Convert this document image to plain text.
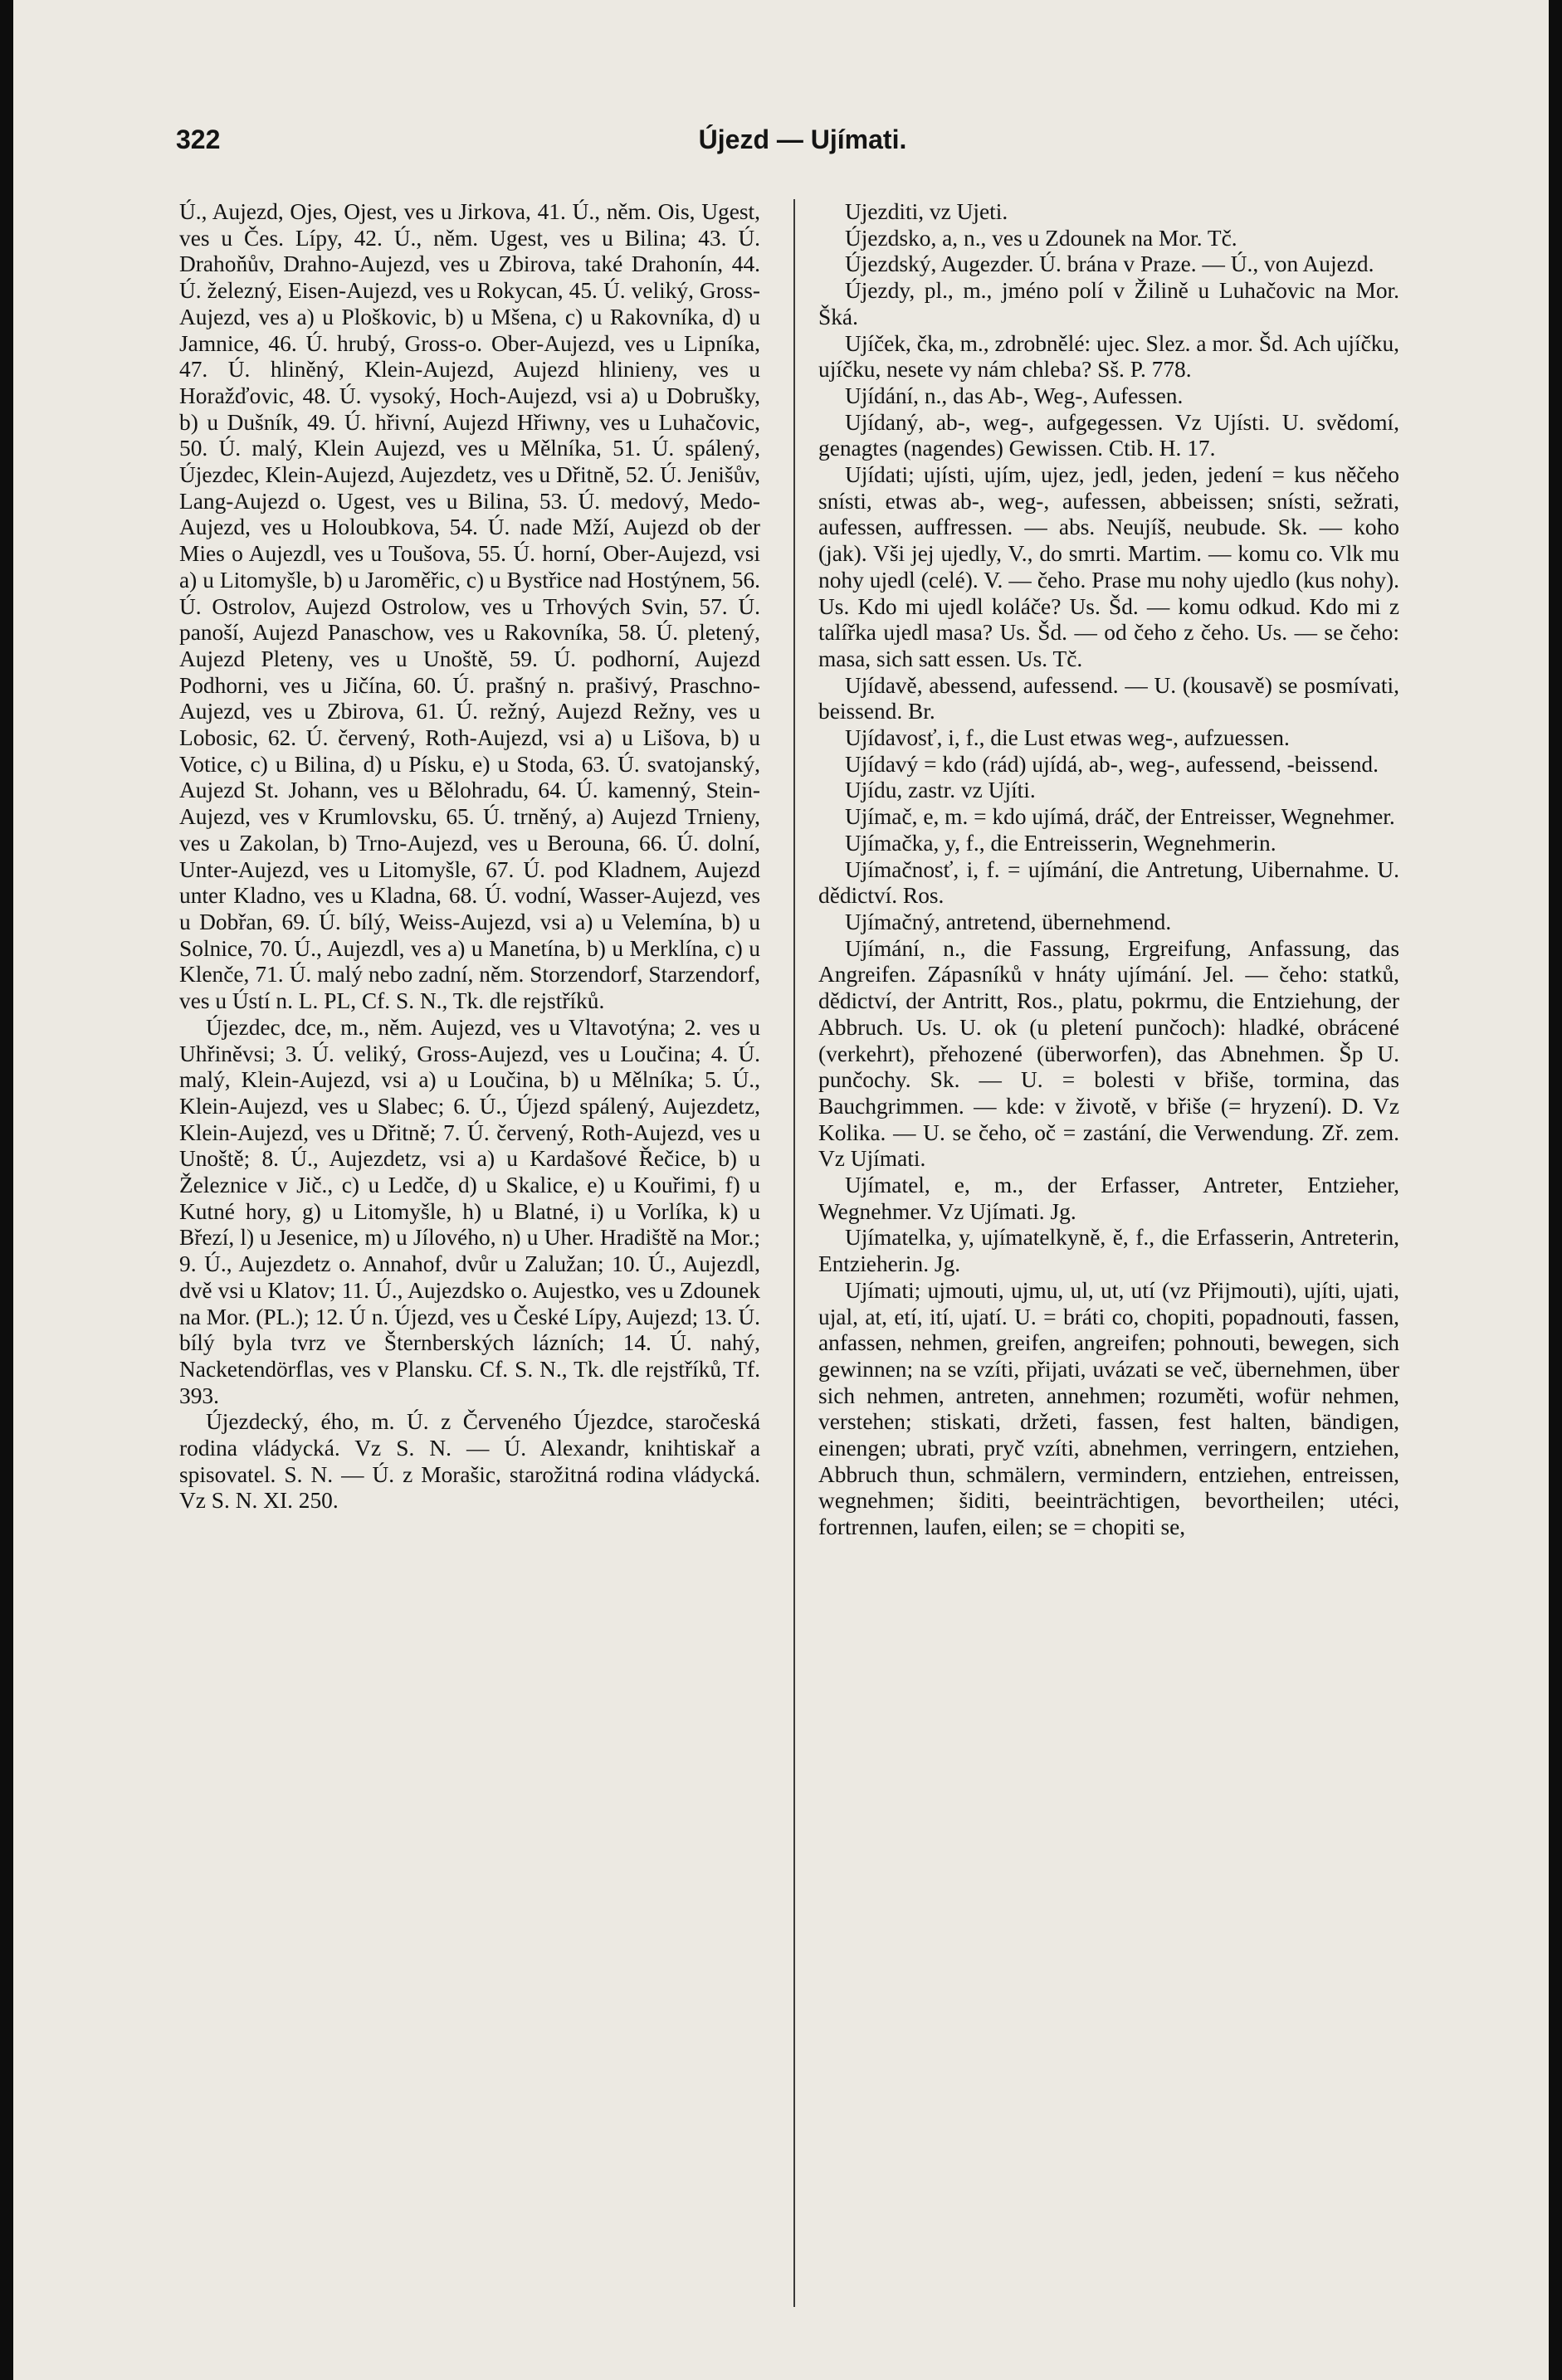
322	Újezd — Ujímati.

Ú., Aujezd, Ojes, Ojest, ves u Jirkova, 41. Ú., něm. Ois, Ugest, ves u Čes. Lípy, 42. Ú., něm. Ugest, ves u Bilina; 43. Ú. Drahoňův, Drahno-Aujezd, ves u Zbirova, také Drahonín, 44. Ú. železný, Eisen-Aujezd, ves u Rokycan, 45. Ú. veliký, Gross-Aujezd, ves a) u Ploškovic, b) u Mšena, c) u Rakovníka, d) u Jamnice, 46. Ú. hrubý, Gross-o. Ober-Aujezd, ves u Lipníka, 47. Ú. hliněný, Klein-Aujezd, Aujezd hlinieny, ves u Horažďovic, 48. Ú. vysoký, Hoch-Aujezd, vsi a) u Dobrušky, b) u Dušník, 49. Ú. hřivní, Aujezd Hřiwny, ves u Luhačovic, 50. Ú. malý, Klein Aujezd, ves u Mělníka, 51. Ú. spálený, Újezdec, Klein-Aujezd, Aujezdetz, ves u Dřitně, 52. Ú. Jenišův, Lang-Aujezd o. Ugest, ves u Bilina, 53. Ú. medový, Medo-Aujezd, ves u Holoubkova, 54. Ú. nade Mží, Aujezd ob der Mies o Aujezdl, ves u Toušova, 55. Ú. horní, Ober-Aujezd, vsi a) u Litomyšle, b) u Jaroměřic, c) u Bystřice nad Hostýnem, 56. Ú. Ostrolov, Aujezd Ostrolow, ves u Trhových Svin, 57. Ú. panoší, Aujezd Panaschow, ves u Rakovníka, 58. Ú. pletený, Aujezd Pleteny, ves u Unoště, 59. Ú. podhorní, Aujezd Podhorni, ves u Jičína, 60. Ú. prašný n. prašivý, Praschno-Aujezd, ves u Zbirova, 61. Ú. režný, Aujezd Režny, ves u Lobosic, 62. Ú. červený, Roth-Aujezd, vsi a) u Lišova, b) u Votice, c) u Bilina, d) u Písku, e) u Stoda, 63. Ú. svatojanský, Aujezd St. Johann, ves u Bělohradu, 64. Ú. kamenný, Stein-Aujezd, ves v Krumlovsku, 65. Ú. trněný, a) Aujezd Trnieny, ves u Zakolan, b) Trno-Aujezd, ves u Berouna, 66. Ú. dolní, Unter-Aujezd, ves u Litomyšle, 67. Ú. pod Kladnem, Aujezd unter Kladno, ves u Kladna, 68. Ú. vodní, Wasser-Aujezd, ves u Dobřan, 69. Ú. bílý, Weiss-Aujezd, vsi a) u Velemína, b) u Solnice, 70. Ú., Aujezdl, ves a) u Manetína, b) u Merklína, c) u Klenče, 71. Ú. malý nebo zadní, něm. Storzendorf, Starzendorf, ves u Ústí n. L. PL, Cf. S. N., Tk. dle rejstříků.

Újezdec, dce, m., něm. Aujezd, ves u Vltavotýna; 2. ves u Uhřiněvsi; 3. Ú. veliký, Gross-Aujezd, ves u Loučina; 4. Ú. malý, Klein-Aujezd, vsi a) u Loučina, b) u Mělníka; 5. Ú., Klein-Aujezd, ves u Slabec; 6. Ú., Újezd spálený, Aujezdetz, Klein-Aujezd, ves u Dřitně; 7. Ú. červený, Roth-Aujezd, ves u Unoště; 8. Ú., Aujezdetz, vsi a) u Kardašové Řečice, b) u Železnice v Jič., c) u Ledče, d) u Skalice, e) u Kouřimi, f) u Kutné hory, g) u Litomyšle, h) u Blatné, i) u Vorlíka, k) u Březí, l) u Jesenice, m) u Jílového, n) u Uher. Hradiště na Mor.; 9. Ú., Aujezdetz o. Annahof, dvůr u Zalužan; 10. Ú., Aujezdl, dvě vsi u Klatov; 11. Ú., Aujezdsko o. Aujestko, ves u Zdounek na Mor. (PL.); 12. Ú n. Újezd, ves u České Lípy, Aujezd; 13. Ú. bílý byla tvrz ve Šternberských lázních; 14. Ú. nahý, Nacketendörflas, ves v Plansku. Cf. S. N., Tk. dle rejstříků, Tf. 393.

Újezdecký, ého, m. Ú. z Červeného Újezdce, staročeská rodina vládycká. Vz S. N. — Ú. Alexandr, knihtiskař a spisovatel. S. N. — Ú. z Morašic, starožitná rodina vládycká. Vz S. N. XI. 250.

Ujezditi, vz Ujeti.

Újezdsko, a, n., ves u Zdounek na Mor. Tč.

Újezdský, Augezder. Ú. brána v Praze. — Ú., von Aujezd.

Újezdy, pl., m., jméno polí v Žilině u Luhačovic na Mor. Šká.

Ujíček, čka, m., zdrobnělé: ujec. Slez. a mor. Šd. Ach ujíčku, ujíčku, nesete vy nám chleba? Sš. P. 778.

Ujídání, n., das Ab-, Weg-, Aufessen.

Ujídaný, ab-, weg-, aufgegessen. Vz Ujísti. U. svědomí, genagtes (nagendes) Gewissen. Ctib. H. 17.

Ujídati; ujísti, ujím, ujez, jedl, jeden, jedení = kus něčeho snísti, etwas ab-, weg-, aufessen, abbeissen; snísti, sežrati, aufessen, auffressen. — abs. Neujíš, neubude. Sk. — koho (jak). Vši jej ujedly, V., do smrti. Martim. — komu co. Vlk mu nohy ujedl (celé). V. — čeho. Prase mu nohy ujedlo (kus nohy). Us. Kdo mi ujedl koláče? Us. Šd. — komu odkud. Kdo mi z talířka ujedl masa? Us. Šd. — od čeho z čeho. Us. — se čeho: masa, sich satt essen. Us. Tč.

Ujídavě, abessend, aufessend. — U. (kousavě) se posmívati, beissend. Br.

Ujídavosť, i, f., die Lust etwas weg-, aufzuessen.

Ujídavý = kdo (rád) ujídá, ab-, weg-, aufessend, -beissend.

Ujídu, zastr. vz Ujíti.

Ujímač, e, m. = kdo ujímá, dráč, der Entreisser, Wegnehmer.

Ujímačka, y, f., die Entreisserin, Wegnehmerin.

Ujímačnosť, i, f. = ujímání, die Antretung, Uibernahme. U. dědictví. Ros.

Ujímačný, antretend, übernehmend.

Ujímání, n., die Fassung, Ergreifung, Anfassung, das Angreifen. Zápasníků v hnáty ujímání. Jel. — čeho: statků, dědictví, der Antritt, Ros., platu, pokrmu, die Entziehung, der Abbruch. Us. U. ok (u pletení punčoch): hladké, obrácené (verkehrt), přehozené (überworfen), das Abnehmen. Šp U. punčochy. Sk. — U. = bolesti v břiše, tormina, das Bauchgrimmen. — kde: v životě, v břiše (= hryzení). D. Vz Kolika. — U. se čeho, oč = zastání, die Verwendung. Zř. zem. Vz Ujímati.

Ujímatel, e, m., der Erfasser, Antreter, Entzieher, Wegnehmer. Vz Ujímati. Jg.

Ujímatelka, y, ujímatelkyně, ě, f., die Erfasserin, Antreterin, Entzieherin. Jg.

Ujímati; ujmouti, ujmu, ul, ut, utí (vz Přijmouti), ujíti, ujati, ujal, at, etí, ití, ujatí. U. = bráti co, chopiti, popadnouti, fassen, anfassen, nehmen, greifen, angreifen; pohnouti, bewegen, sich gewinnen; na se vzíti, přijati, uvázati se več, übernehmen, über sich nehmen, antreten, annehmen; rozuměti, wofür nehmen, verstehen; stiskati, držeti, fassen, fest halten, bändigen, einengen; ubrati, pryč vzíti, abnehmen, verringern, entziehen, Abbruch thun, schmälern, vermindern, entziehen, entreissen, wegnehmen; šiditi, beeinträchtigen, bevortheilen; utéci, fortrennen, laufen, eilen; se = chopiti se,
